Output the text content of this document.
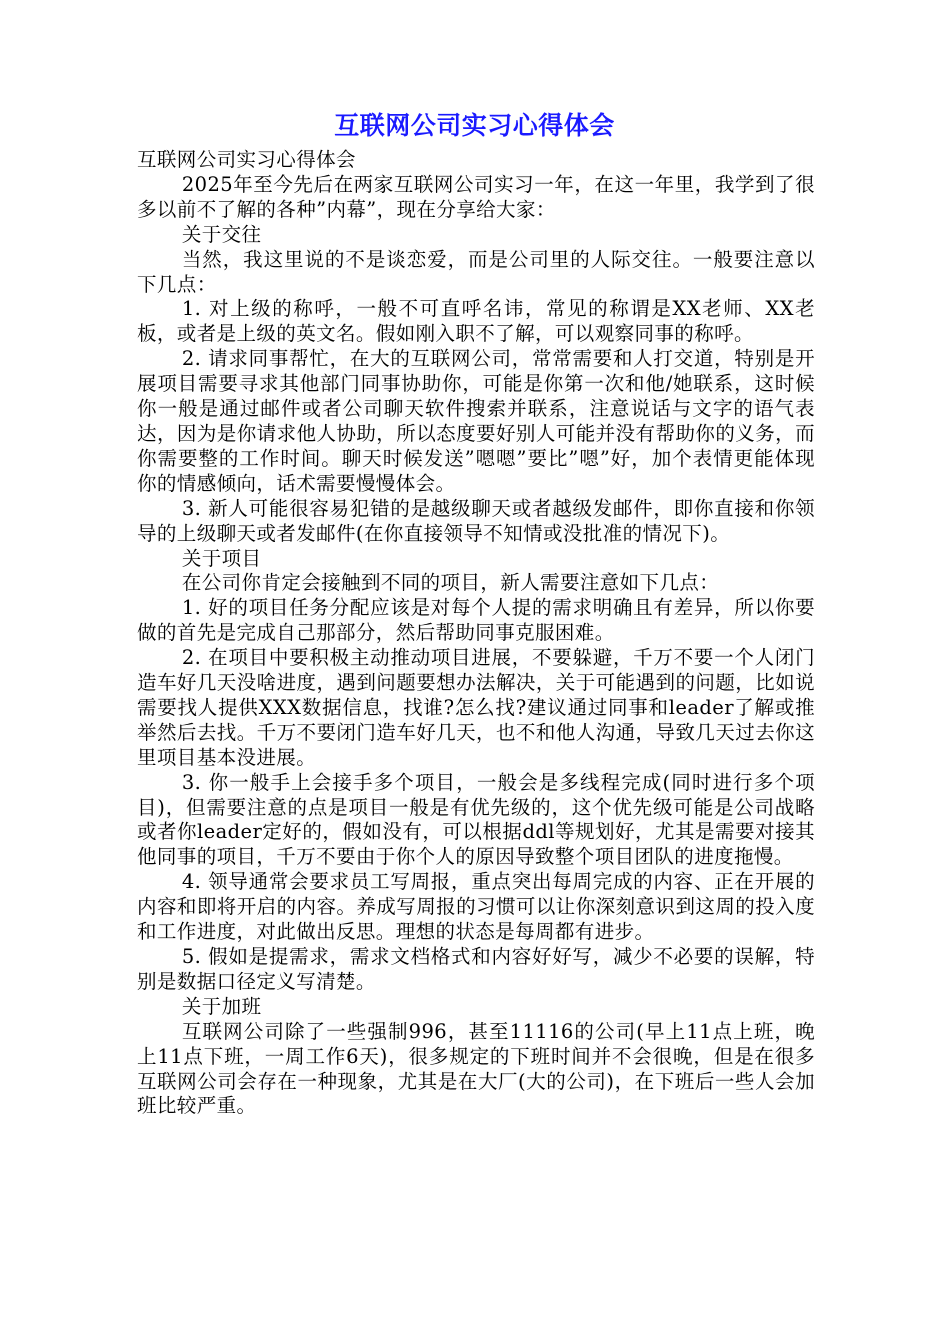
互联网公司实习心得体会

互联网公司实习心得体会

2025年至今先后在两家互联网公司实习一年，在这一年里，我学到了很多以前不了解的各种”内幕”，现在分享给大家：

关于交往

当然，我这里说的不是谈恋爱，而是公司里的人际交往。一般要注意以下几点：

1. 对上级的称呼，一般不可直呼名讳，常见的称谓是XX老师、XX老板，或者是上级的英文名。假如刚入职不了解，可以观察同事的称呼。

2. 请求同事帮忙，在大的互联网公司，常常需要和人打交道，特别是开展项目需要寻求其他部门同事协助你，可能是你第一次和他/她联系，这时候你一般是通过邮件或者公司聊天软件搜索并联系，注意说话与文字的语气表达，因为是你请求他人协助，所以态度要好别人可能并没有帮助你的义务，而你需要整的工作时间。聊天时候发送”嗯嗯”要比”嗯”好，加个表情更能体现你的情感倾向，话术需要慢慢体会。

3. 新人可能很容易犯错的是越级聊天或者越级发邮件，即你直接和你领导的上级聊天或者发邮件(在你直接领导不知情或没批准的情况下)。

关于项目

在公司你肯定会接触到不同的项目，新人需要注意如下几点：

1. 好的项目任务分配应该是对每个人提的需求明确且有差异，所以你要做的首先是完成自己那部分，然后帮助同事克服困难。

2. 在项目中要积极主动推动项目进展，不要躲避，千万不要一个人闭门造车好几天没啥进度，遇到问题要想办法解决，关于可能遇到的问题，比如说需要找人提供XXX数据信息，找谁?怎么找?建议通过同事和leader了解或推举然后去找。千万不要闭门造车好几天，也不和他人沟通，导致几天过去你这里项目基本没进展。

3. 你一般手上会接手多个项目，一般会是多线程完成(同时进行多个项目)，但需要注意的点是项目一般是有优先级的，这个优先级可能是公司战略或者你leader定好的，假如没有，可以根据ddl等规划好，尤其是需要对接其他同事的项目，千万不要由于你个人的原因导致整个项目团队的进度拖慢。

4. 领导通常会要求员工写周报，重点突出每周完成的内容、正在开展的内容和即将开启的内容。养成写周报的习惯可以让你深刻意识到这周的投入度和工作进度，对此做出反思。理想的状态是每周都有进步。

5. 假如是提需求，需求文档格式和内容好好写，减少不必要的误解，特别是数据口径定义写清楚。

关于加班

互联网公司除了一些强制996，甚至11116的公司(早上11点上班，晚上11点下班，一周工作6天)，很多规定的下班时间并不会很晚，但是在很多互联网公司会存在一种现象，尤其是在大厂(大的公司)，在下班后一些人会加班比较严重。
